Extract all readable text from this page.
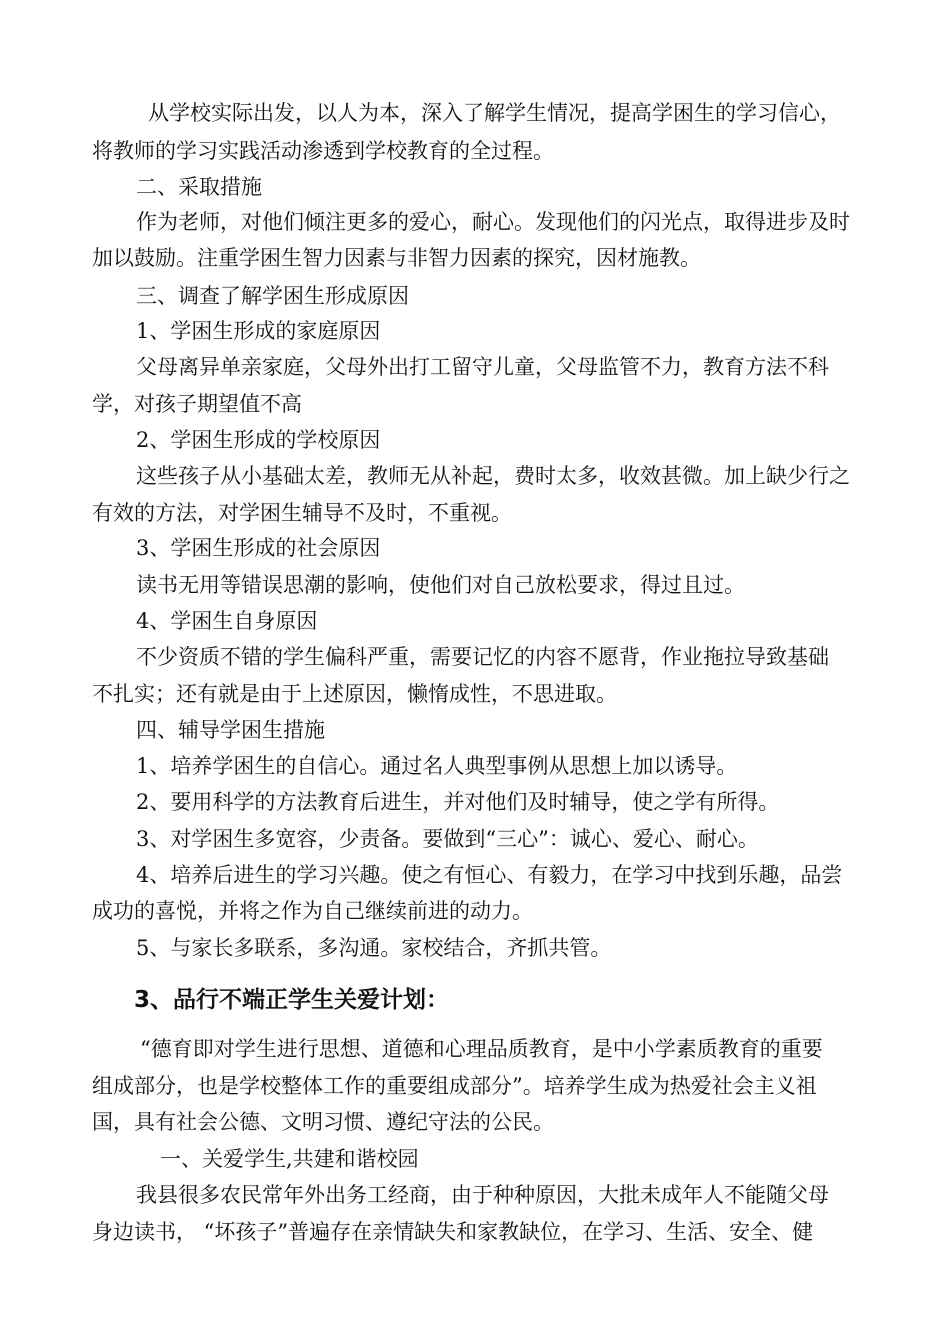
从学校实际出发，以人为本，深入了解学生情况，提高学困生的学习信心，
将教师的学习实践活动渗透到学校教育的全过程。
二、采取措施
作为老师，对他们倾注更多的爱心，耐心。发现他们的闪光点，取得进步及时
加以鼓励。注重学困生智力因素与非智力因素的探究，因材施教。
三、调查了解学困生形成原因
1、学困生形成的家庭原因
父母离异单亲家庭，父母外出打工留守儿童，父母监管不力，教育方法不科
学，对孩子期望值不高
2、学困生形成的学校原因
这些孩子从小基础太差，教师无从补起，费时太多，收效甚微。加上缺少行之
有效的方法，对学困生辅导不及时，不重视。
3、学困生形成的社会原因
读书无用等错误思潮的影响，使他们对自己放松要求，得过且过。
4、学困生自身原因
不少资质不错的学生偏科严重，需要记忆的内容不愿背，作业拖拉导致基础
不扎实；还有就是由于上述原因，懒惰成性，不思进取。
四、辅导学困生措施
1、培养学困生的自信心。通过名人典型事例从思想上加以诱导。
2、要用科学的方法教育后进生，并对他们及时辅导，使之学有所得。
3、对学困生多宽容，少责备。要做到“三心”：诚心、爱心、耐心。
4、培养后进生的学习兴趣。使之有恒心、有毅力，在学习中找到乐趣，品尝
成功的喜悦，并将之作为自己继续前进的动力。
5、与家长多联系，多沟通。家校结合，齐抓共管。
3、品行不端正学生关爱计划：
“德育即对学生进行思想、道德和心理品质教育，是中小学素质教育的重要
组成部分，也是学校整体工作的重要组成部分”。培养学生成为热爱社会主义祖
国，具有社会公德、文明习惯、遵纪守法的公民。
一、关爱学生,共建和谐校园
我县很多农民常年外出务工经商，由于种种原因，大批未成年人不能随父母
身边读书， “坏孩子”普遍存在亲情缺失和家教缺位，在学习、生活、安全、健
